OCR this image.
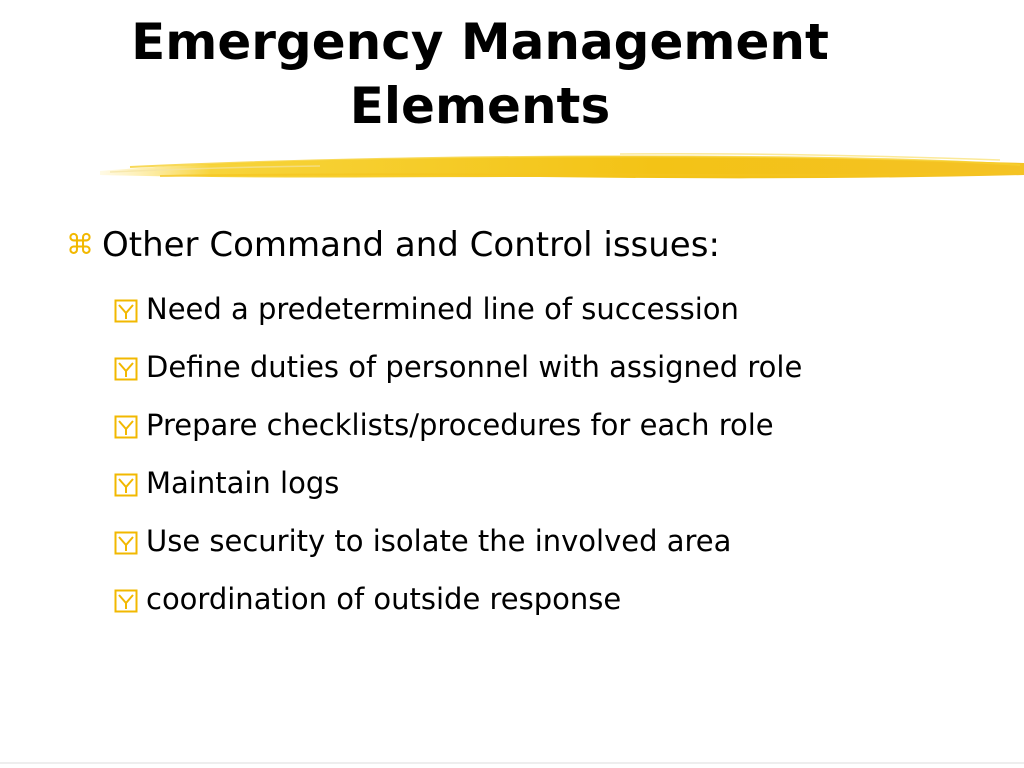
Emergency Management
Elements
⌘ Other Command and Control issues:
Need a predetermined line of succession
Define duties of personnel with assigned role
Prepare checklists/procedures for each role
Maintain logs
Use security to isolate the involved area
coordination of outside response
